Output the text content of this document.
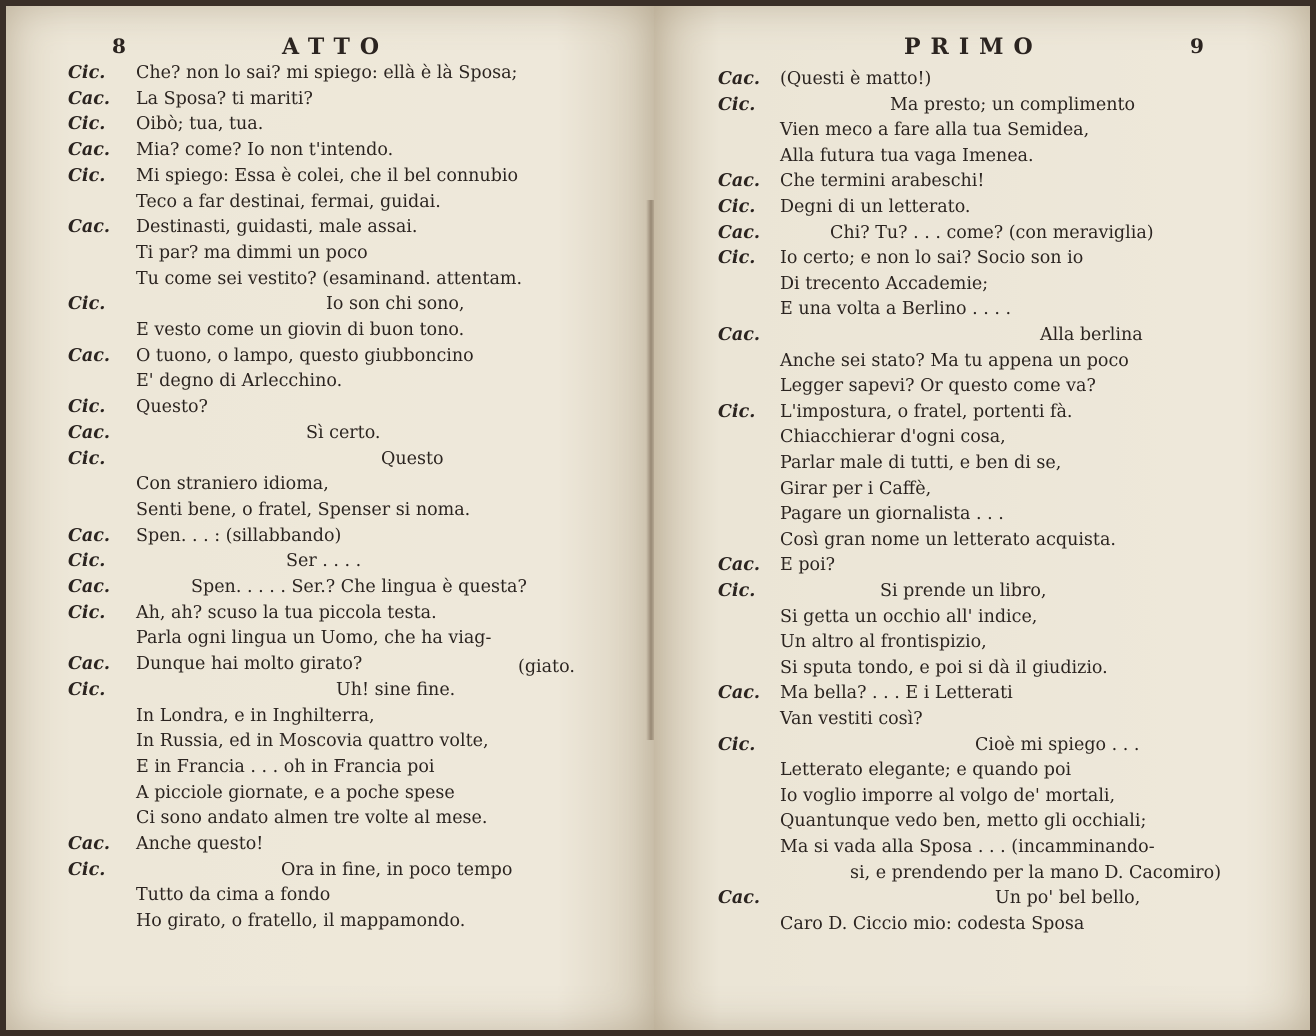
8	ATTO
Cic. Che? non lo sai? mi spiego: ellà è là Sposa;
Cac. La Sposa? ti mariti?
Cic. Oibò; tua, tua.
Cac. Mia? come? Io non t'intendo.
Cic. Mi spiego: Essa è colei, che il bel connubio
Teco a far destinai, fermai, guidai.
Cac. Destinasti, guidasti, male assai.
Ti par? ma dimmi un poco
Tu come sei vestito? (esaminand. attentam.
Cic.	Io son chi sono,
E vesto come un giovin di buon tono.
Cac. O tuono, o lampo, questo giubboncino
E' degno di Arlecchino.
Cic. Questo?
Cac.	Sì certo.
Cic.	Questo
Con straniero idioma,
Senti bene, o fratel, Spenser si noma.
Cac. Spen. . . : (sillabbando)
Cic.	Ser . . . .
Cac.	Spen. . . . . Ser.? Che lingua è questa?
Cic. Ah, ah? scuso la tua piccola testa.
Parla ogni lingua un Uomo, che ha viag-
Cac. Dunque hai molto girato?
Cic.	Uh! sine fine.
In Londra, e in Inghilterra,
In Russia, ed in Moscovia quattro volte,
E in Francia . . . oh in Francia poi
A picciole giornate, e a poche spese
Ci sono andato almen tre volte al mese.
Cac. Anche questo!
Cic.	Ora in fine, in poco tempo
Tutto da cima a fondo
Ho girato, o fratello, il mappamondo.
(giato.
PRIMO	9
Cac. (Questi è matto!)
Cic.	Ma presto; un complimento
Vien meco a fare alla tua Semidea,
Alla futura tua vaga Imenea.
Cac. Che termini arabeschi!
Cic. Degni di un letterato.
Cac.	Chi? Tu? . . . come? (con meraviglia)
Cic. Io certo; e non lo sai? Socio son io
Di trecento Accademie;
E una volta a Berlino . . . .
Cac.	Alla berlina
Anche sei stato? Ma tu appena un poco
Legger sapevi? Or questo come va?
Cic. L'impostura, o fratel, portenti fà.
Chiacchierar d'ogni cosa,
Parlar male di tutti, e ben di se,
Girar per i Caffè,
Pagare un giornalista . . .
Così gran nome un letterato acquista.
Cac. E poi?
Cic.	Si prende un libro,
Si getta un occhio all' indice,
Un altro al frontispizio,
Si sputa tondo, e poi si dà il giudizio.
Cac. Ma bella? . . . E i Letterati
Van vestiti così?
Cic.	Cioè mi spiego . . .
Letterato elegante; e quando poi
Io voglio imporre al volgo de' mortali,
Quantunque vedo ben, metto gli occhiali;
Ma si vada alla Sposa . . . (incamminando-
si, e prendendo per la mano D. Cacomiro)
Cac.	Un po' bel bello,
Caro D. Ciccio mio: codesta Sposa
